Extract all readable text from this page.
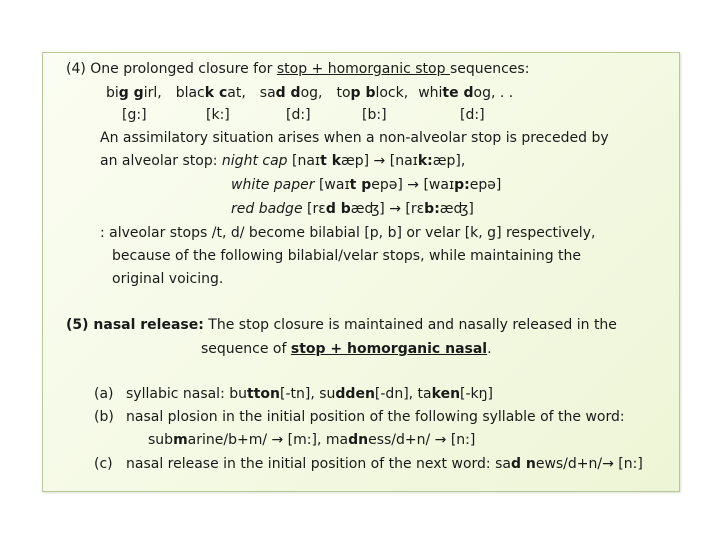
(4) One prolonged closure for stop + homorganic stop sequences:
big girl, black cat, sad dog, top block, white dog, . .
[g:]	[k:]	[d:]	[b:]	[d:]
An assimilatory situation arises when a non-alveolar stop is preceded by
an alveolar stop: night cap [naɪt kæp] → [naɪk:æp],
white paper [waɪt pepə] → [waɪp:epə]
red badge [rɛd bæʤ] → [rɛb:æʤ]
: alveolar stops /t, d/ become bilabial [p, b] or velar [k, g] respectively,
because of the following bilabial/velar stops, while maintaining the
original voicing.
(5) nasal release: The stop closure is maintained and nasally released in the
sequence of stop + homorganic nasal.
(a) syllabic nasal: button[-tn], sudden[-dn], taken[-kŋ]
(b) nasal plosion in the initial position of the following syllable of the word:
submarine/b+m/ → [m:], madness/d+n/ → [n:]
(c) nasal release in the initial position of the next word: sad news/d+n/→ [n:]
